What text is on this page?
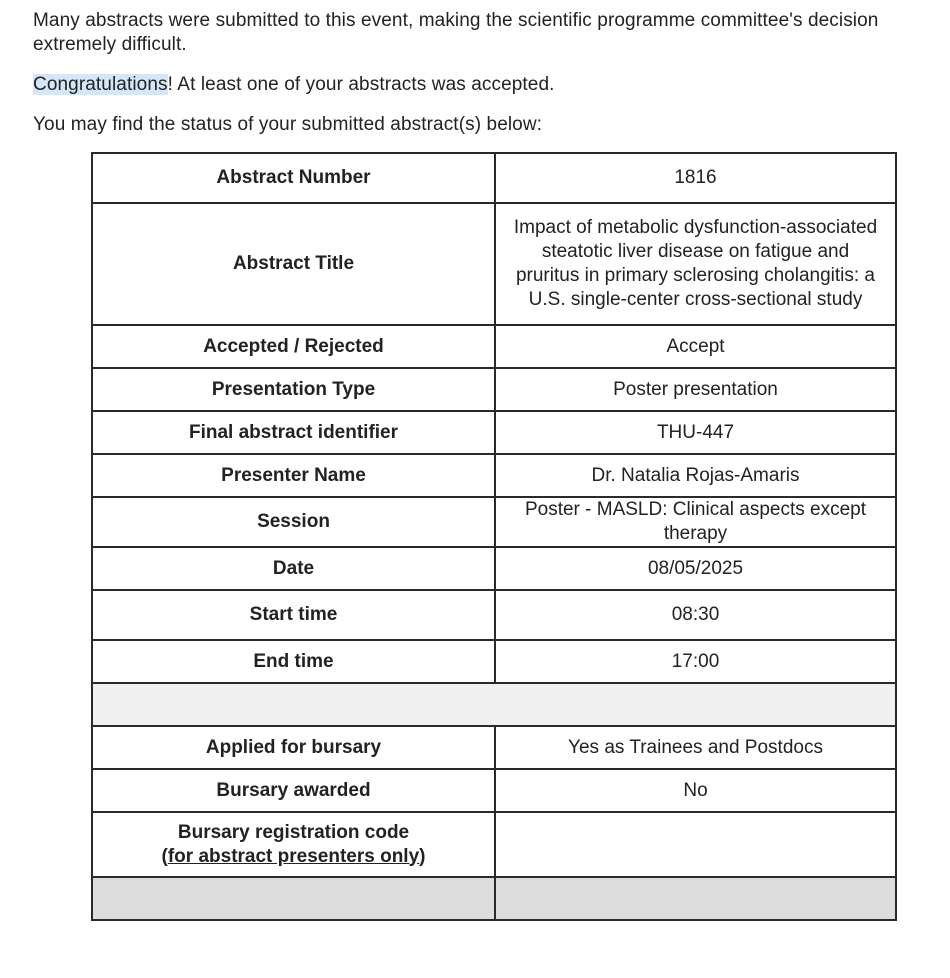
Many abstracts were submitted to this event, making the scientific programme committee's decision
extremely difficult.

Congratulations! At least one of your abstracts was accepted.

You may find the status of your submitted abstract(s) below:

Abstract Number	1816
Abstract Title	Impact of metabolic dysfunction-associated steatotic liver disease on fatigue and pruritus in primary sclerosing cholangitis: a U.S. single-center cross-sectional study
Accepted / Rejected	Accept
Presentation Type	Poster presentation
Final abstract identifier	THU-447
Presenter Name	Dr. Natalia Rojas-Amaris
Session	Poster - MASLD: Clinical aspects except therapy
Date	08/05/2025
Start time	08:30
End time	17:00

Applied for bursary	Yes as Trainees and Postdocs
Bursary awarded	No
Bursary registration code
(for abstract presenters only)	
